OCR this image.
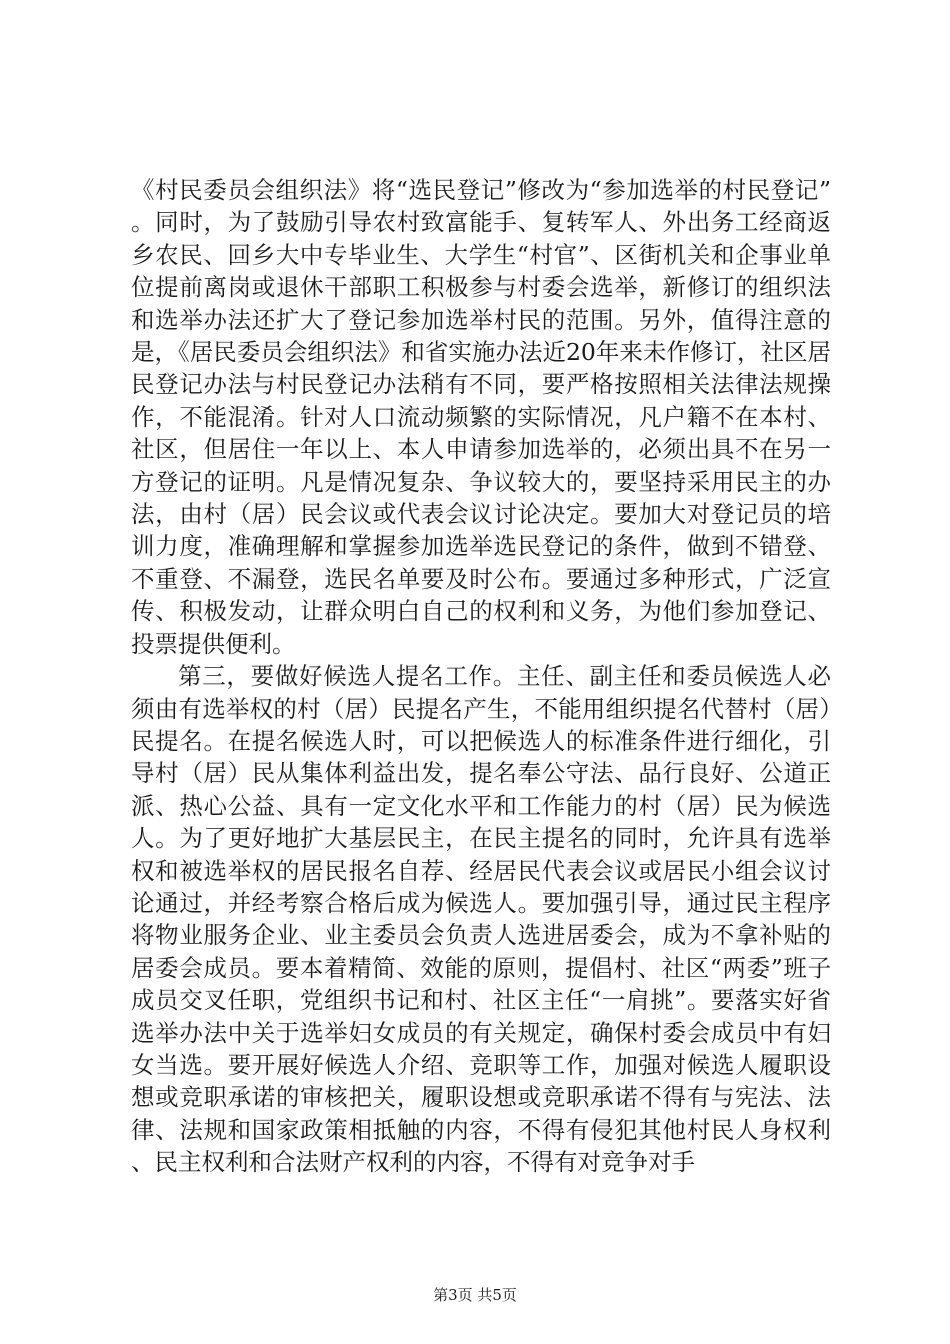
《村民委员会组织法》将“选民登记”修改为“参加选举的村民登记”。同时，为了鼓励引导农村致富能手、复转军人、外出务工经商返乡农民、回乡大中专毕业生、大学生“村官”、区街机关和企事业单位提前离岗或退休干部职工积极参与村委会选举，新修订的组织法和选举办法还扩大了登记参加选举村民的范围。另外，值得注意的是，《居民委员会组织法》和省实施办法近20年来未作修订，社区居民登记办法与村民登记办法稍有不同，要严格按照相关法律法规操作，不能混淆。针对人口流动频繁的实际情况，凡户籍不在本村、社区，但居住一年以上、本人申请参加选举的，必须出具不在另一方登记的证明。凡是情况复杂、争议较大的，要坚持采用民主的办法，由村（居）民会议或代表会议讨论决定。要加大对登记员的培训力度，准确理解和掌握参加选举选民登记的条件，做到不错登、不重登、不漏登，选民名单要及时公布。要通过多种形式，广泛宣传、积极发动，让群众明白自己的权利和义务，为他们参加登记、投票提供便利。

第三，要做好候选人提名工作。主任、副主任和委员候选人必须由有选举权的村（居）民提名产生，不能用组织提名代替村（居）民提名。在提名候选人时，可以把候选人的标准条件进行细化，引导村（居）民从集体利益出发，提名奉公守法、品行良好、公道正派、热心公益、具有一定文化水平和工作能力的村（居）民为候选人。为了更好地扩大基层民主，在民主提名的同时，允许具有选举权和被选举权的居民报名自荐、经居民代表会议或居民小组会议讨论通过，并经考察合格后成为候选人。要加强引导，通过民主程序将物业服务企业、业主委员会负责人选进居委会，成为不拿补贴的居委会成员。要本着精简、效能的原则，提倡村、社区“两委”班子成员交叉任职，党组织书记和村、社区主任“一肩挑”。要落实好省选举办法中关于选举妇女成员的有关规定，确保村委会成员中有妇女当选。要开展好候选人介绍、竞职等工作，加强对候选人履职设想或竞职承诺的审核把关，履职设想或竞职承诺不得有与宪法、法律、法规和国家政策相抵触的内容，不得有侵犯其他村民人身权利、民主权利和合法财产权利的内容，不得有对竞争对手

第3页 共5页
